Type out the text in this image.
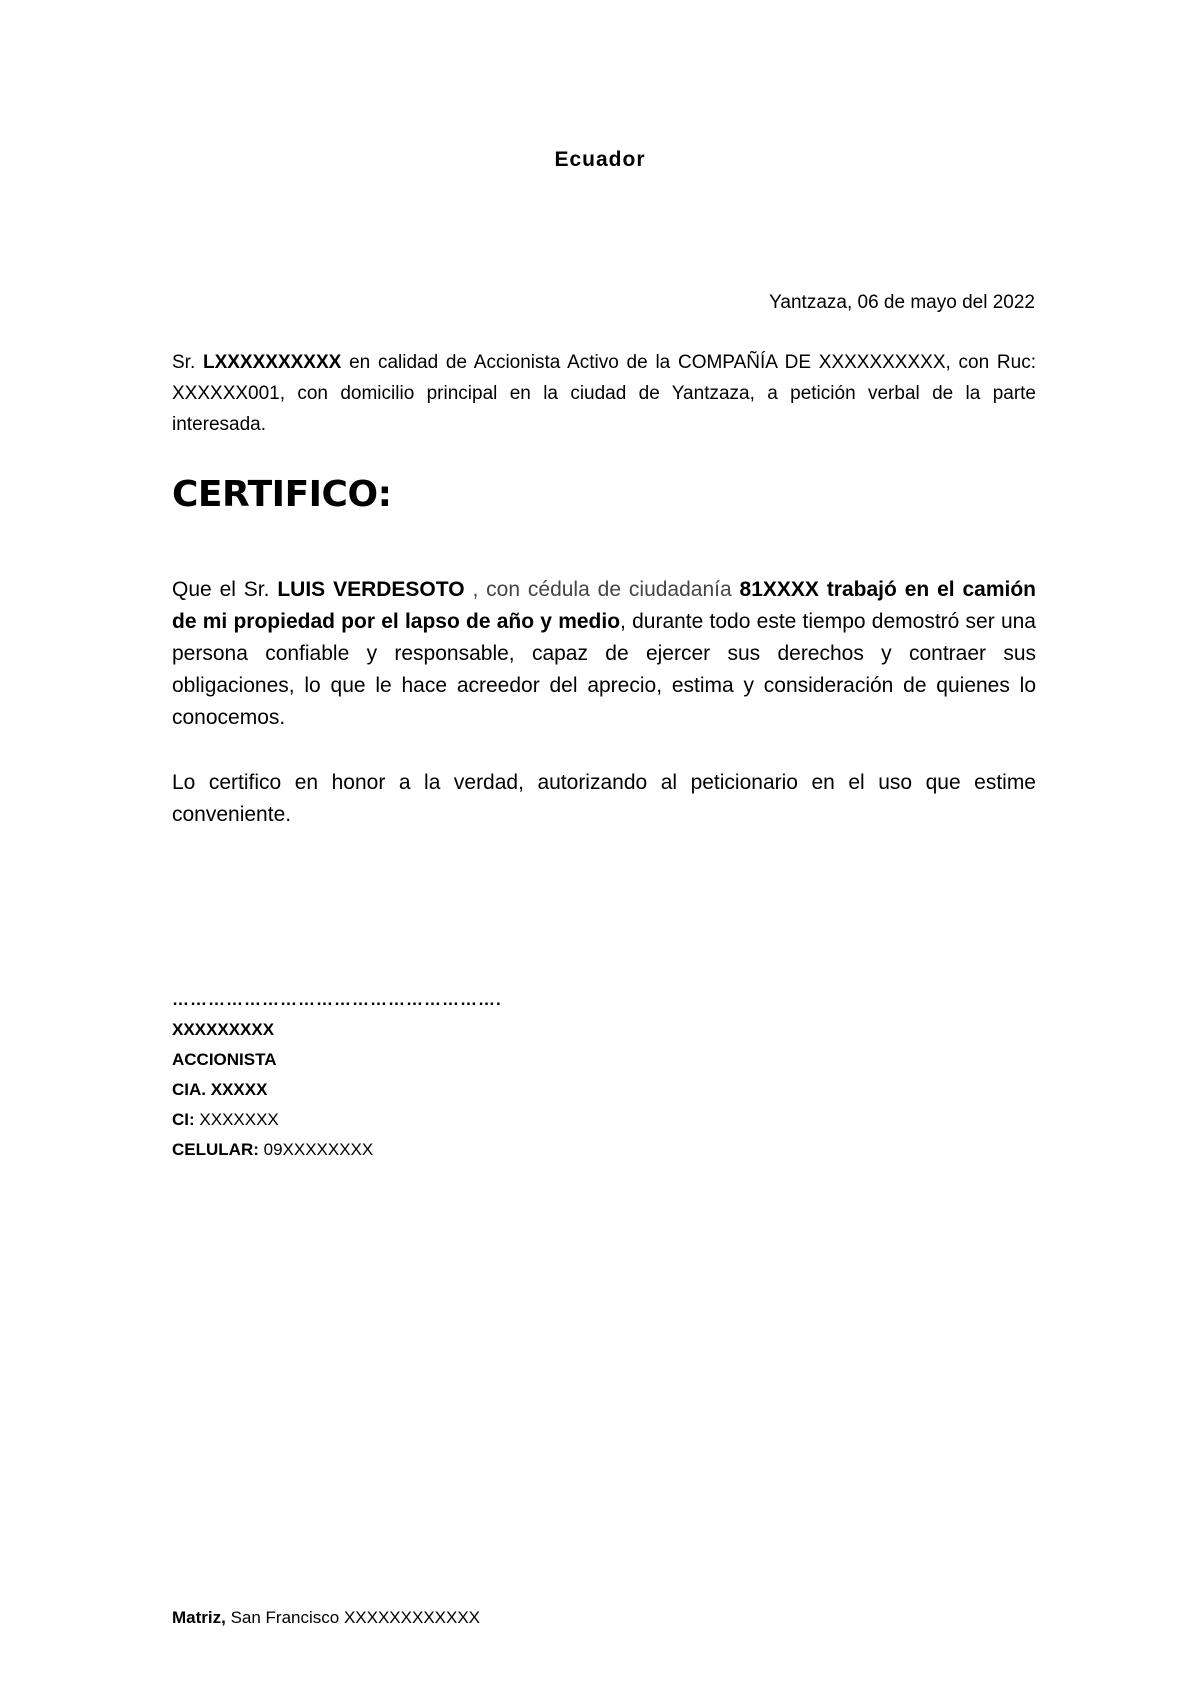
Ecuador
Yantzaza, 06 de mayo del 2022
Sr. LXXXXXXXXXX en calidad de Accionista Activo de la COMPAÑÍA DE XXXXXXXXXX, con Ruc: XXXXXX001, con domicilio principal en la ciudad de Yantzaza, a petición verbal de la parte interesada.
CERTIFICO:
Que el Sr. LUIS VERDESOTO , con cédula de ciudadanía 81XXXX trabajó en el camión de mi propiedad por el lapso de año y medio, durante todo este tiempo demostró ser una persona confiable y responsable, capaz de ejercer sus derechos y contraer sus obligaciones, lo que le hace acreedor del aprecio, estima y consideración de quienes lo conocemos.
Lo certifico en honor a la verdad, autorizando al peticionario en el uso que estime conveniente.
……………………………………………….
XXXXXXXXX
ACCIONISTA
CIA. XXXXX
CI: XXXXXXX
CELULAR: 09XXXXXXXX
Matriz, San Francisco XXXXXXXXXXXX
